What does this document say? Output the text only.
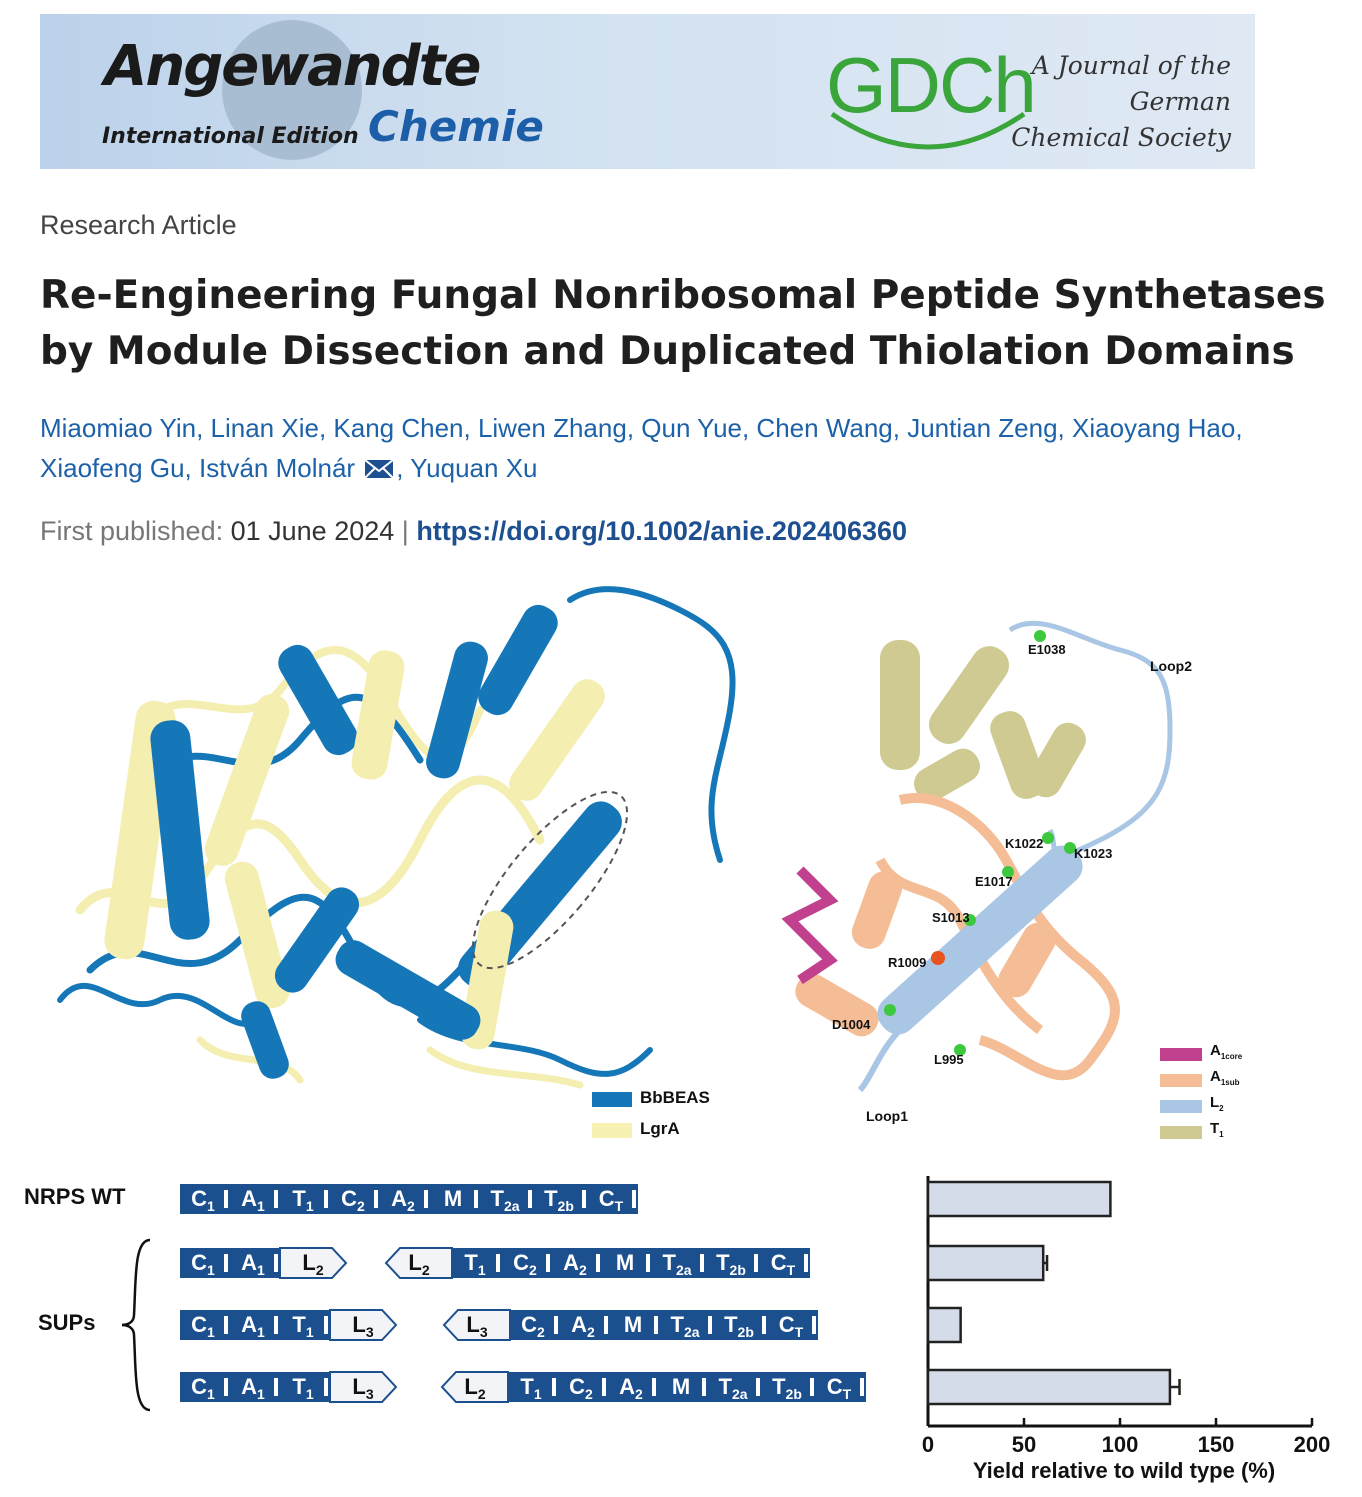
Angewandte
International Edition Chemie	GDCh
A Journal of the
German
Chemical Society
Research Article
Re-Engineering Fungal Nonribosomal Peptide Synthetases by Module Dissection and Duplicated Thiolation Domains
Miaomiao Yin, Linan Xie, Kang Chen, Liwen Zhang, Qun Yue, Chen Wang, Juntian Zeng, Xiaoyang Hao,
Xiaofeng Gu, István Molnár , Yuquan Xu
First published: 01 June 2024 | https://doi.org/10.1002/anie.202406360
$C_1$ $A_1$ $T_1$ $C_2$ $A_2$ M $T_{2a}$ $T_{2b}$ $C_T$
$C_1$ $A_1$ $L_2$	$L_2$ $T_1$ $C_2$ $A_2$ M $T_{2a}$ $T_{2b}$ $C_T$
$C_1$ $A_1$ $T_1$ $L_3$	$L_3$ $C_2$ $A_2$ M $T_{2a}$ $T_{2b}$ $C_T$
$C_1$ $A_1$ $T_1$ $L_3$	$L_2$ $T_1$ $C_2$ $A_2$ M $T_{2a}$ $T_{2b}$ $C_T$
0	50	100	150	200
Yield relative to wild type (%)
BbBEAS
LgrA
$A_{1core}$
$A_{1sub}$
$L_2$
$T_1$
E1038
Loop2
K1022
K1023
E1017
S1013
R1009
D1004
L995
Loop1
NRPS WT
SUPs
